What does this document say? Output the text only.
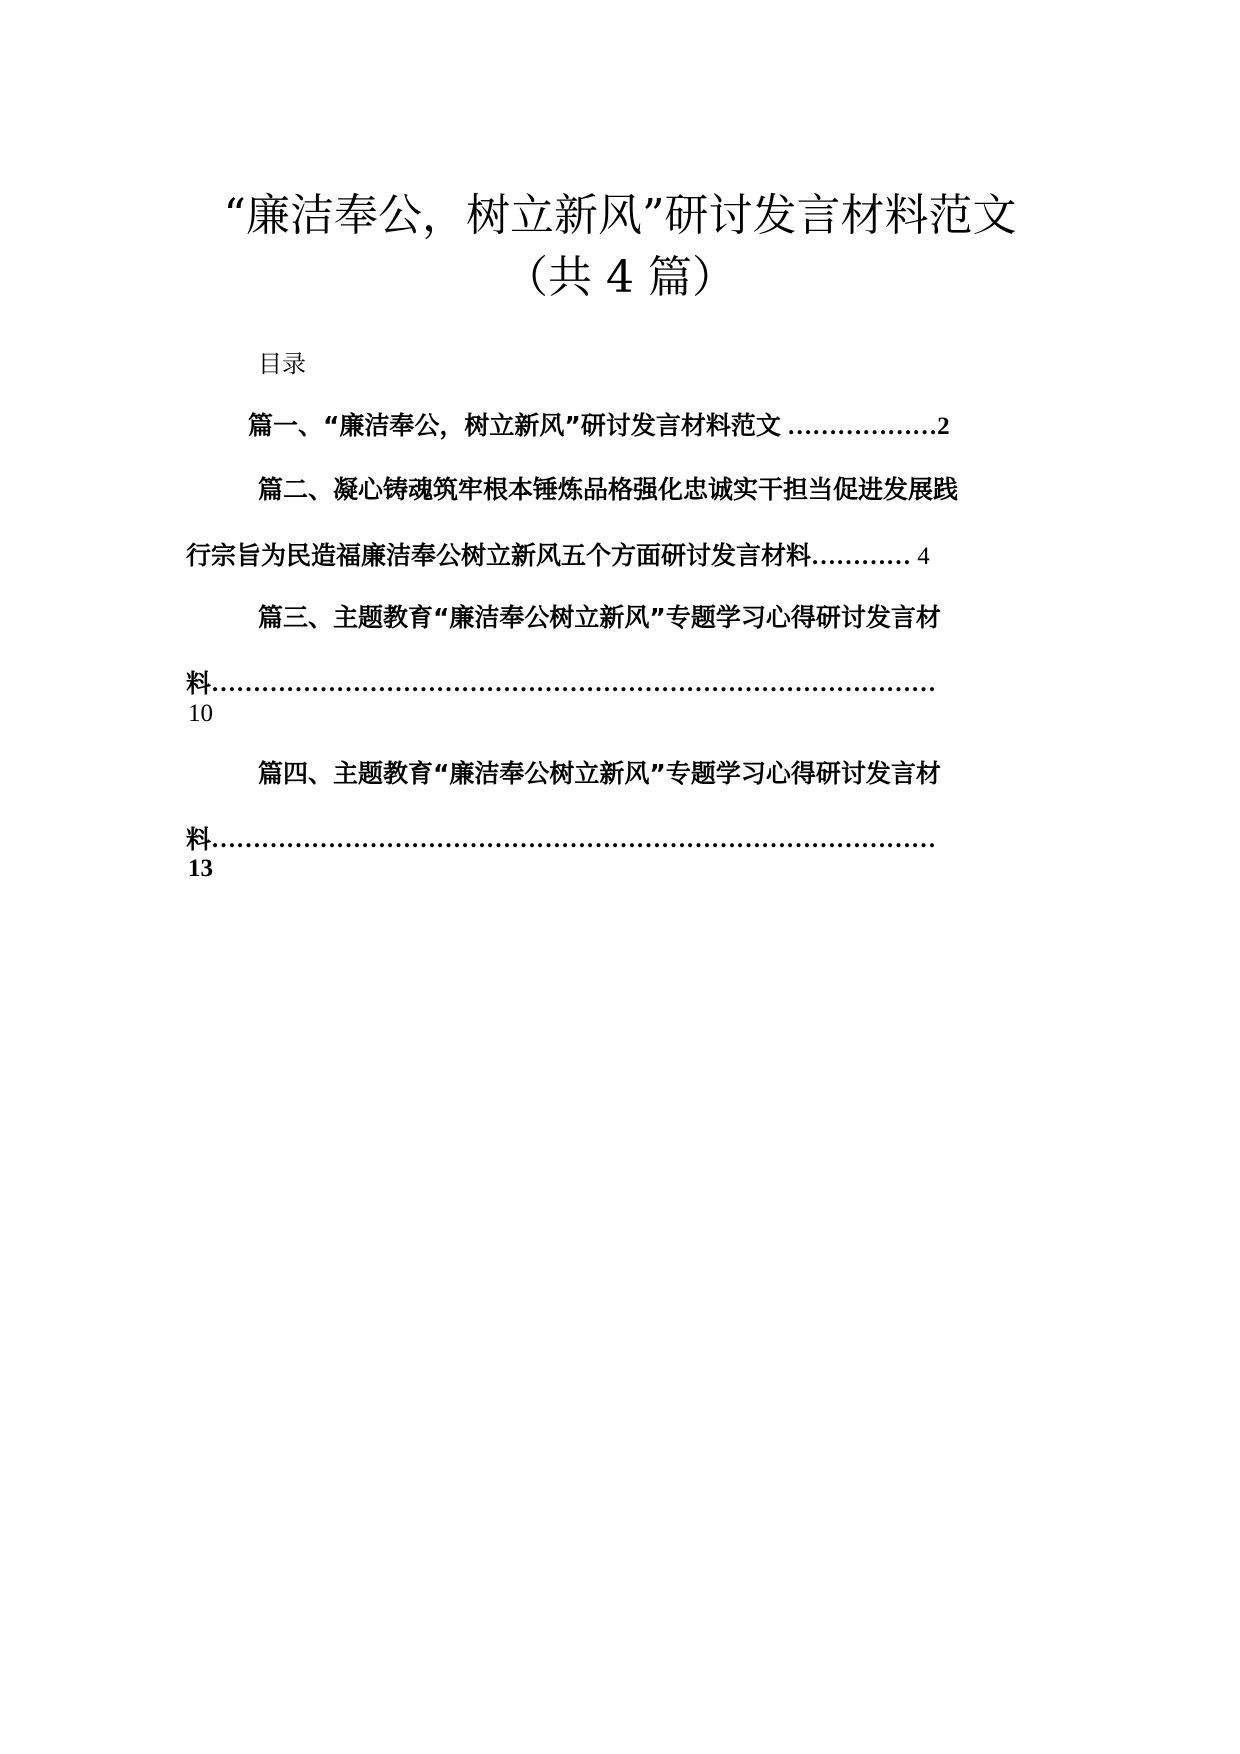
“廉洁奉公，树立新风”研讨发言材料范文
（共 4 篇）
目录
篇一、“廉洁奉公，树立新风”研讨发言材料范文 ………………2
篇二、凝心铸魂筑牢根本锤炼品格强化忠诚实干担当促进发展践
行宗旨为民造福廉洁奉公树立新风五个方面研讨发言材料………… 4
篇三、主题教育“廉洁奉公树立新风”专题学习心得研讨发言材
料……………………………………………………………………………
10
篇四、主题教育“廉洁奉公树立新风”专题学习心得研讨发言材
料……………………………………………………………………………
13
